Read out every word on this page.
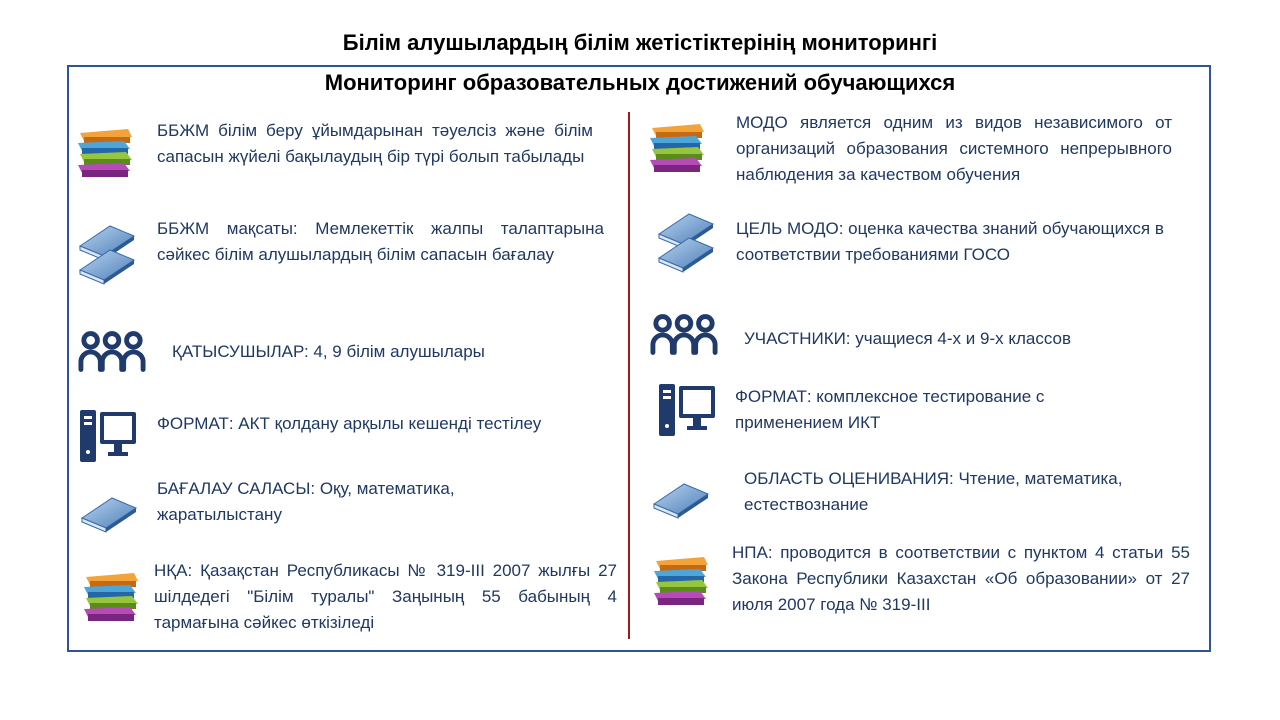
Білім алушылардың білім жетістіктерінің мониторингі
Мониторинг образовательных достижений обучающихся
ББЖМ білім беру ұйымдарынан тәуелсіз және білім сапасын жүйелі бақылаудың бір түрі болып табылады
ББЖМ мақсаты: Мемлекеттік жалпы талаптарына сәйкес білім алушылардың білім сапасын бағалау
ҚАТЫСУШЫЛАР: 4, 9 білім алушылары
ФОРМАТ: АКТ қолдану арқылы кешенді тестілеу
БАҒАЛАУ САЛАСЫ: Оқу, математика, жаратылыстану
НҚА: Қазақстан Республикасы № 319-ІІІ 2007 жылғы 27 шілдедегі "Білім туралы" Заңының 55 бабының 4 тармағына сәйкес өткізіледі
МОДО является одним из видов независимого от организаций образования системного непрерывного наблюдения за качеством обучения
ЦЕЛЬ МОДО: оценка качества знаний обучающихся в соответствии требованиями ГОСО
УЧАСТНИКИ: учащиеся 4-х и 9-х классов
ФОРМАТ: комплексное тестирование с применением ИКТ
ОБЛАСТЬ ОЦЕНИВАНИЯ: Чтение, математика, естествознание
НПА: проводится в соответствии с пунктом 4 статьи 55 Закона Республики Казахстан «Об образовании» от 27 июля 2007 года № 319-III
